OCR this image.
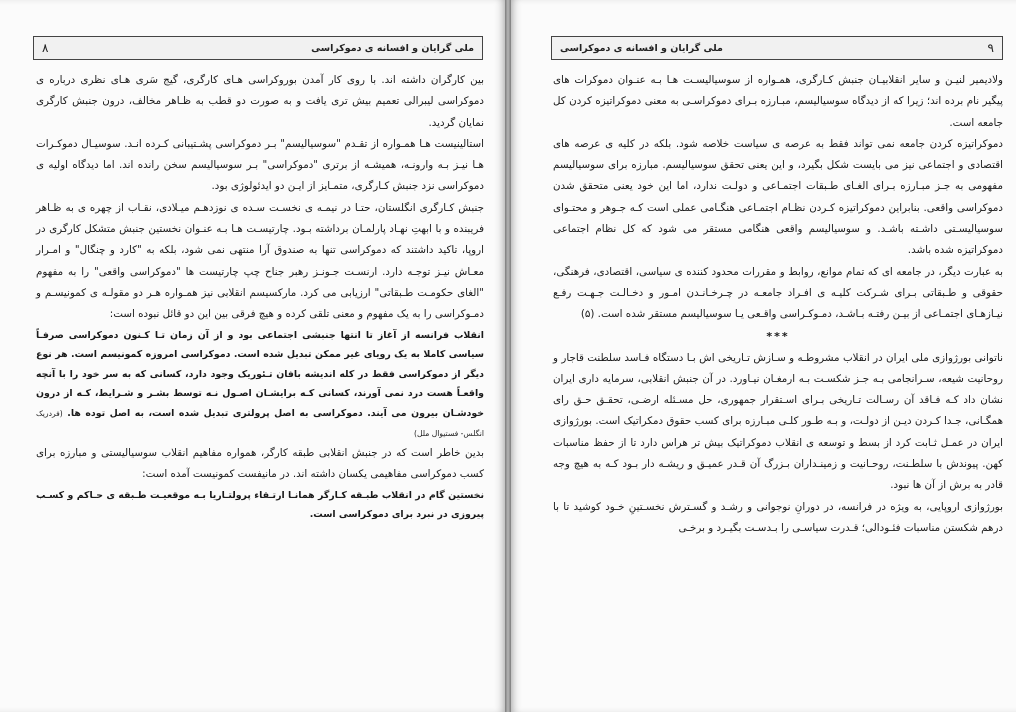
۸	ملی گرایان و افسانه ی دموکراسی

بین کارگران داشته اند. با روی کار آمدن بوروکراسی هـای کارگری، گیج سَری هـای نظری درباره ی دموکراسی لیبرالی تعمیم بیش تری یافت و به صورت دو قطب به ظـاهر مخالف، درون جنبش کارگری نمایان گردید.

استالینیست هـا همـواره از تقـدم "سوسیالیسم" بـر دموکراسی پشـتیبانی کـرده انـد. سوسیـال دموکـرات هـا نیـز بـه وارونـه، همیشـه از برتری "دموکراسی" بـر سوسیالیسم سخن رانده اند. اما دیدگاه اولیه ی دموکراسی نزد جنبش کـارگری، متمـایز از ایـن دو ایدئولوژی بود.

جنبش کـارگری انگلستان، حتـا در نیمـه ی نخسـت سـده ی نوزدهـم میـلادی، نقـاب از چهره ی به ظـاهر فریبنده و با ابهتِ نهـاد پارلمـان برداشته بـود. چارتیسـت هـا بـه عنـوان نخستین جنبش متشکل کارگری در اروپا، تاکید داشتند که دموکراسی تنها به صندوق آرا منتهی نمی شود، بلکه به "کارد و چنگال" و امـرار معـاش نیـز توجـه دارد. ارنسـت جـونـز رهبر جناح چپ چارتیست ها "دموکراسی واقعی" را به مفهوم "الغای حکومـت طـبقاتی" ارزیابی می کرد. مارکسیسم انقلابی نیز همـواره هـر دو مقولـه ی کمونیسـم و دمـوکراسی را به یک مفهوم و معنی تلقی کرده و هیچ فرقی بین این دو قائل نبوده است:

انقلاب فرانسه از آغاز تا انتها جنبشی اجتماعی بود و از آن زمان تـا کـنون دموکراسی صرفـاً سیاسی کاملا به یک رویای غیر ممکن تبدیل شده است. دموکراسی امروزه کمونیسم است. هر نوع دیگر از دموکراسی فقط در کله اندیشه بافان تـئوریک وجود دارد، کسانی که به سر خود را با آنچه واقعـاً هست درد نمی آورند، کسانی کـه برایشـان اصـول نـه توسط بشـر و شـرایط، کـه از درون خودشـان بیرون می آیند. دموکراسی به اصل پرولتری تبدیل شده است، به اصل توده ها. (فردریک انگلس- فستیوال ملل)

بدین خاطر است که در جنبش انقلابی طبقه کارگر، همواره مفاهیم انقلاب سوسیالیستی و مبارزه برای کسب دموکراسی مفاهیمی یکسان داشته اند. در مانیفست کمونیست آمده است:

نخستین گام در انقلاب طبـقه کـارگر همانـا ارتـقاء پرولتـاریا بـه موقعیـت طـبقه ی حـاکم و کسـب پیروزی در نبرد برای دموکراسی است.

ملی گرایان و افسانه ی دموکراسی	۹

ولادیمیر لنیـن و سایر انقلابیـان جنبش کـارگری، همـواره از سوسیالیسـت هـا بـه عنـوان دموکرات های پیگیر نام برده اند؛ زیرا که از دیدگاه سوسیالیسم، مبـارزه بـرای دموکراسـی به معنی دموکراتیزه کردن کل جامعه است.

دموکراتیزه کردن جامعه نمی تواند فقط به عرصه ی سیاست خلاصه شود. بلکه در کلیه ی عرصه های اقتصادی و اجتماعی نیز می بایست شکل بگیرد، و این یعنی تحقق سوسیالیسم. مبارزه برای سوسیالیسم مفهومی به جـز مبـارزه بـرای الغـای طـبقات اجتمـاعی و دولـت ندارد، اما این خود یعنی متحقق شدن دموکراسی واقعی. بنابراین دموکراتیزه کـردن نظـام اجتمـاعی هنگـامی عملی است کـه جـوهر و محتـوای سوسیالیسـتی داشـته باشـد. و سوسیالیسم واقعی هنگامی مستقر می شود که کل نظام اجتماعی دموکراتیزه شده باشد.

به عبارت دیگر، در جامعه ای که تمام موانع، روابط و مقررات محدود کننده ی سیاسی، اقتصادی، فرهنگی، حقوقی و طـبقاتی بـرای شـرکت کلیـه ی افـراد جامعـه در چـرخـانـدن امـور و دخـالـت جـهـت رفـع نیـازهـای اجتمـاعی از بیـن رفتـه بـاشـد، دمـوکـراسی واقـعی یـا سوسیالیسم مستقر شده است. (۵)

***

ناتوانی بورژوازی ملی ایران در انقلاب مشروطـه و سـازش تـاریخی اش بـا دستگاه فـاسد سلطنت قاجار و روحانیت شیعه، سـرانجامی بـه جـز شکسـت بـه ارمغـان نیـاورد. در آن جنبش انقلابی، سرمایه داری ایران نشان داد کـه فـاقد آن رسـالت تـاریخی بـرای اسـتقرار جمهوری، حل مسـئله ارضـی، تحقـق حـق رای همگـانی، جـدا کـردن دیـن از دولـت، و بـه طـور کلـی مبـارزه برای کسب حقوق دمکراتیک است. بورژوازی ایران در عمـل ثـابت کرد از بسط و توسعه ی انقلاب دموکراتیک بیش تر هراس دارد تا از حفظ مناسبات کهن. پیوندش با سلطـنت، روحـانیت و زمینـداران بـزرگ آن قـدر عمیـق و ریشـه دار بـود کـه به هیچ وجه قادر به برش از آن ها نبود.

بورژوازی اروپایی، به ویژه در فرانسه، در دورانِ نوجوانی و رشـد و گسـترش نخسـتینِ خـود کوشید تا با درهم شکستن مناسبات فئـودالی؛ قـدرت سیاسـی را بـدسـت بگیـرد و برخـی
